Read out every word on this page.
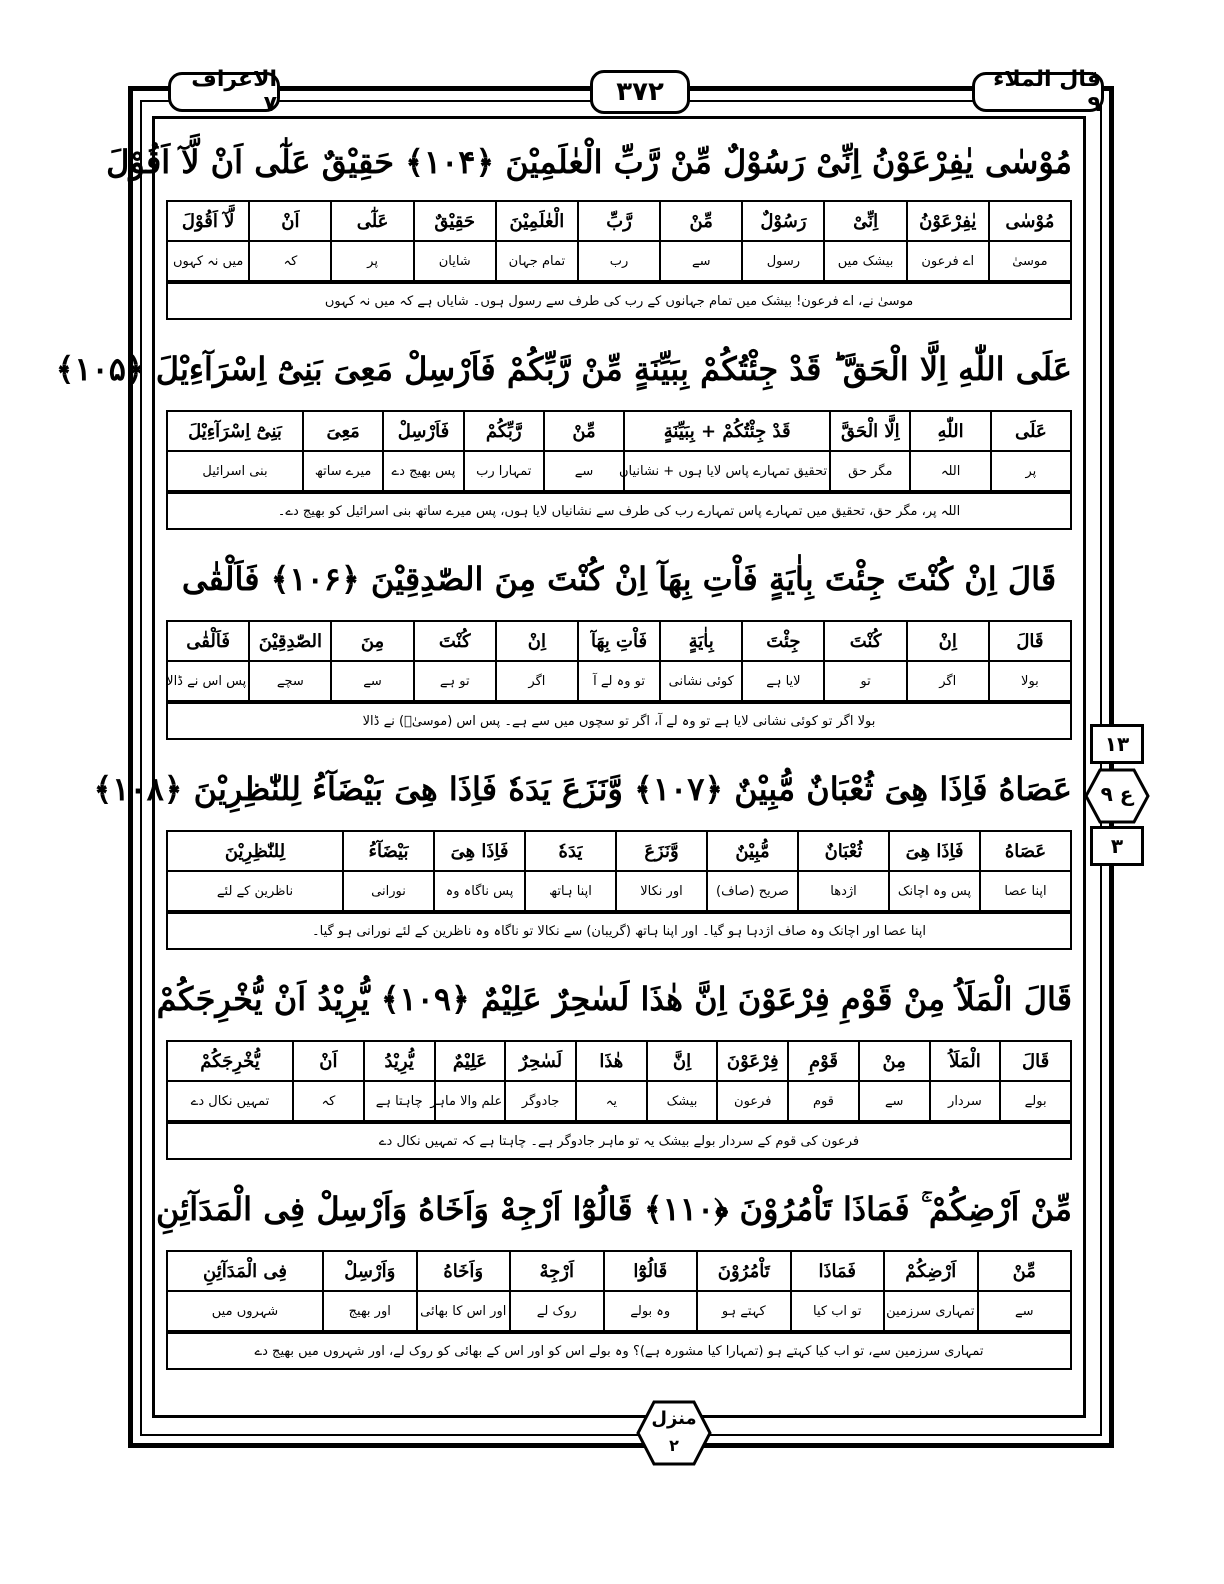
الاعراف ۷	۳۷۲	قال الملاء ۹
مُوْسٰى يٰفِرْعَوْنُ اِنِّىْ رَسُوْلٌ مِّنْ رَّبِّ الْعٰلَمِيْنَ ﴿۱۰۴﴾ حَقِيْقٌ عَلٰٓى اَنْ لَّآ اَقُوْلَ
مُوْسٰى	يٰفِرْعَوْنُ	اِنِّىْ	رَسُوْلٌ	مِّنْ	رَّبِّ	الْعٰلَمِيْنَ	حَقِيْقٌ	عَلٰٓى	اَنْ	لَّآ اَقُوْلَ
موسیٰ	اے فرعون	بیشک میں	رسول	سے	رب	تمام جہان	شایان	پر	کہ	میں نہ کہوں
موسیٰ نے، اے فرعون! بیشک میں تمام جہانوں کے رب کی طرف سے رسول ہوں۔ شایاں ہے کہ میں نہ کہوں
عَلَى اللّٰهِ اِلَّا الْحَقَّ ؕ قَدْ جِئْتُكُمْ بِبَيِّنَةٍ مِّنْ رَّبِّكُمْ فَاَرْسِلْ مَعِىَ بَنِىْٓ اِسْرَآءِيْلَ ﴿۱۰۵﴾
عَلَى	اللّٰهِ	اِلَّا الْحَقَّ	قَدْ جِئْتُكُمْ + بِبَيِّنَةٍ	مِّنْ	رَّبِّكُمْ	فَاَرْسِلْ	مَعِىَ	بَنِىْٓ اِسْرَآءِيْلَ
پر	اللہ	مگر حق	تحقیق تمہارے پاس لایا ہوں + نشانیاں	سے	تمہارا رب	پس بھیج دے	میرے ساتھ	بنی اسرائیل
اللہ پر، مگر حق، تحقیق میں تمہارے پاس تمہارے رب کی طرف سے نشانیاں لایا ہوں، پس میرے ساتھ بنی اسرائیل کو بھیج دے۔
قَالَ اِنْ كُنْتَ جِئْتَ بِاٰيَةٍ فَاْتِ بِهَآ اِنْ كُنْتَ مِنَ الصّٰدِقِيْنَ ﴿۱۰۶﴾ فَاَلْقٰى
قَالَ	اِنْ	كُنْتَ	جِئْتَ	بِاٰيَةٍ	فَاْتِ بِهَآ	اِنْ	كُنْتَ	مِنَ	الصّٰدِقِيْنَ	فَاَلْقٰى
بولا	اگر	تو	لایا ہے	کوئی نشانی	تو وہ لے آ	اگر	تو ہے	سے	سچے	پس اس نے ڈالا
بولا اگر تو کوئی نشانی لایا ہے تو وہ لے آ، اگر تو سچوں میں سے ہے۔ پس اس (موسیٰؑ) نے ڈالا
عَصَاهُ فَاِذَا هِىَ ثُعْبَانٌ مُّبِيْنٌ ﴿۱۰۷﴾ وَّنَزَعَ يَدَهٗ فَاِذَا هِىَ بَيْضَآءُ لِلنّٰظِرِيْنَ ﴿۱۰۸﴾
عَصَاهُ	فَاِذَا هِىَ	ثُعْبَانٌ	مُّبِيْنٌ	وَّنَزَعَ	يَدَهٗ	فَاِذَا هِىَ	بَيْضَآءُ	لِلنّٰظِرِيْنَ
اپنا عصا	پس وہ اچانک	اژدھا	صریح (صاف)	اور نکالا	اپنا ہاتھ	پس ناگاہ وہ	نورانی	ناظرین کے لئے
اپنا عصا اور اچانک وہ صاف اژدہا ہو گیا۔ اور اپنا ہاتھ (گریبان) سے نکالا تو ناگاہ وہ ناظرین کے لئے نورانی ہو گیا۔
قَالَ الْمَلَاُ مِنْ قَوْمِ فِرْعَوْنَ اِنَّ هٰذَا لَسٰحِرٌ عَلِيْمٌ ﴿۱۰۹﴾ يُّرِيْدُ اَنْ يُّخْرِجَكُمْ
قَالَ	الْمَلَاُ	مِنْ	قَوْمِ	فِرْعَوْنَ	اِنَّ	هٰذَا	لَسٰحِرٌ	عَلِيْمٌ	يُّرِيْدُ	اَنْ	يُّخْرِجَكُمْ
بولے	سردار	سے	قوم	فرعون	بیشک	یہ	جادوگر	علم والا ماہر	چاہتا ہے	کہ	تمہیں نکال دے
فرعون کی قوم کے سردار بولے بیشک یہ تو ماہر جادوگر ہے۔ چاہتا ہے کہ تمہیں نکال دے
مِّنْ اَرْضِكُمْ ۚ فَمَاذَا تَاْمُرُوْنَ ﴿۱۱۰﴾ قَالُوْٓا اَرْجِهْ وَاَخَاهُ وَاَرْسِلْ فِى الْمَدَآئِنِ
مِّنْ	اَرْضِكُمْ	فَمَاذَا	تَاْمُرُوْنَ	قَالُوْٓا	اَرْجِهْ	وَاَخَاهُ	وَاَرْسِلْ	فِى الْمَدَآئِنِ
سے	تمہاری سرزمین	تو اب کیا	کہتے ہو	وہ بولے	روک لے	اور اس کا بھائی	اور بھیج	شہروں میں
تمہاری سرزمین سے، تو اب کیا کہتے ہو (تمہارا کیا مشورہ ہے)؟ وہ بولے اس کو اور اس کے بھائی کو روک لے، اور شہروں میں بھیج دے
۱۳
ع ۹
۳
منزل
۲
